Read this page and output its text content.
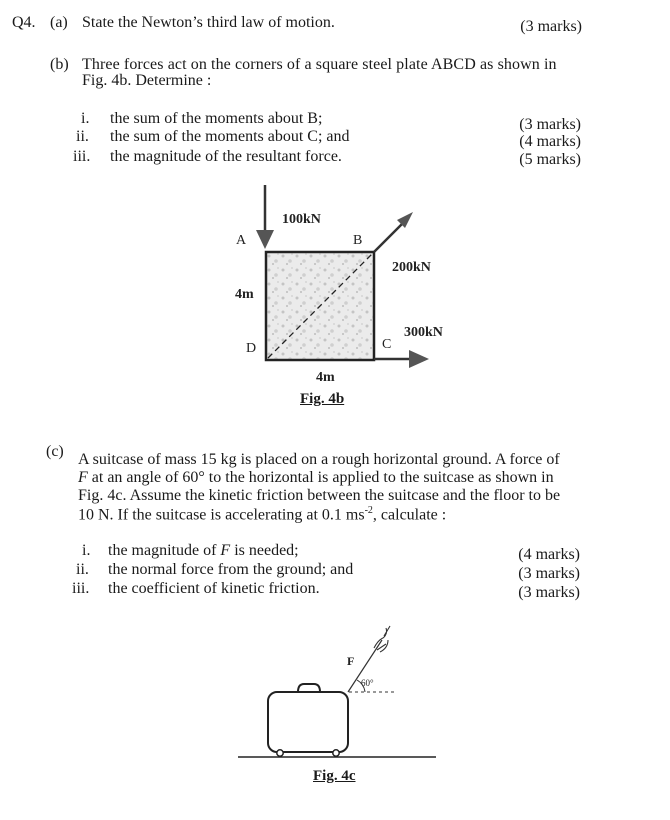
Q4. (a) State the Newton’s third law of motion.	(3 marks)
(b) Three forces act on the corners of a square steel plate ABCD as shown in
Fig. 4b. Determine :
i. the sum of the moments about B;
ii. the sum of the moments about C; and
iii. the magnitude of the resultant force.
(3 marks)
(4 marks)
(5 marks)
A	B
C
D
100kN
200kN
300kN
4m
4m
Fig. 4b
(c) A suitcase of mass 15 kg is placed on a rough horizontal ground. A force of
F at an angle of 60° to the horizontal is applied to the suitcase as shown in
Fig. 4c. Assume the kinetic friction between the suitcase and the floor to be
10 N. If the suitcase is accelerating at 0.1 $ms^{-2}$, calculate :
i. the magnitude of F is needed;
ii. the normal force from the ground; and
iii. the coefficient of kinetic friction.
(4 marks)
(3 marks)
(3 marks)
F
60°
Fig. 4c
